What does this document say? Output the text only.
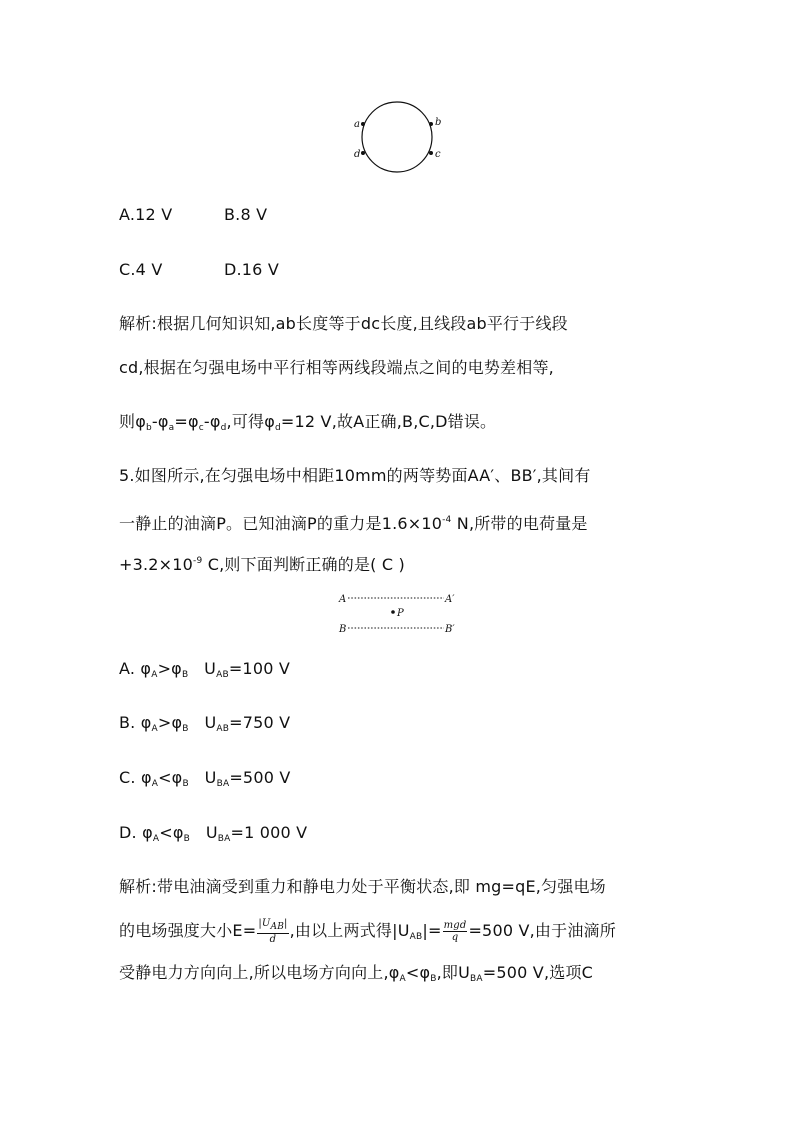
a	b
d	c
A.12 V	B.8 V
C.4 V	D.16 V
解析:根据几何知识知,ab长度等于dc长度,且线段ab平行于线段
cd,根据在匀强电场中平行相等两线段端点之间的电势差相等,
则$\varphi_b-\varphi_a=\varphi_c-\varphi_d$,可得$\varphi_d=12$ V,故A正确,B,C,D错误。
5.如图所示,在匀强电场中相距10mm的两等势面AA′、BB′,其间有
一静止的油滴P。已知油滴P的重力是$1.6\times 10^{-4}$ N,所带的电荷量是
$+3.2\times 10^{-9}$ C,则下面判断正确的是( C )
A	A′
P
B	B′
A. $\varphi_A>\varphi_B$ $U_{AB}=100$ V
B. $\varphi_A>\varphi_B$ $U_{AB}=750$ V
C. $\varphi_A<\varphi_B$ $U_{BA}=500$ V
D. $\varphi_A<\varphi_B$ $U_{BA}=1$ 000 V
解析:带电油滴受到重力和静电力处于平衡状态,即 mg=qE,匀强电场
的电场强度大小$E= \frac{|U_{AB}|}{d}$ ,由以上两式得$|U_{AB}|= \frac{\text{mgd}}{q} =500$ V,由于油滴所
受静电力方向向上,所以电场方向向上$,\varphi_A<\varphi_B$,即$U_{BA}=500$ V,选项C
